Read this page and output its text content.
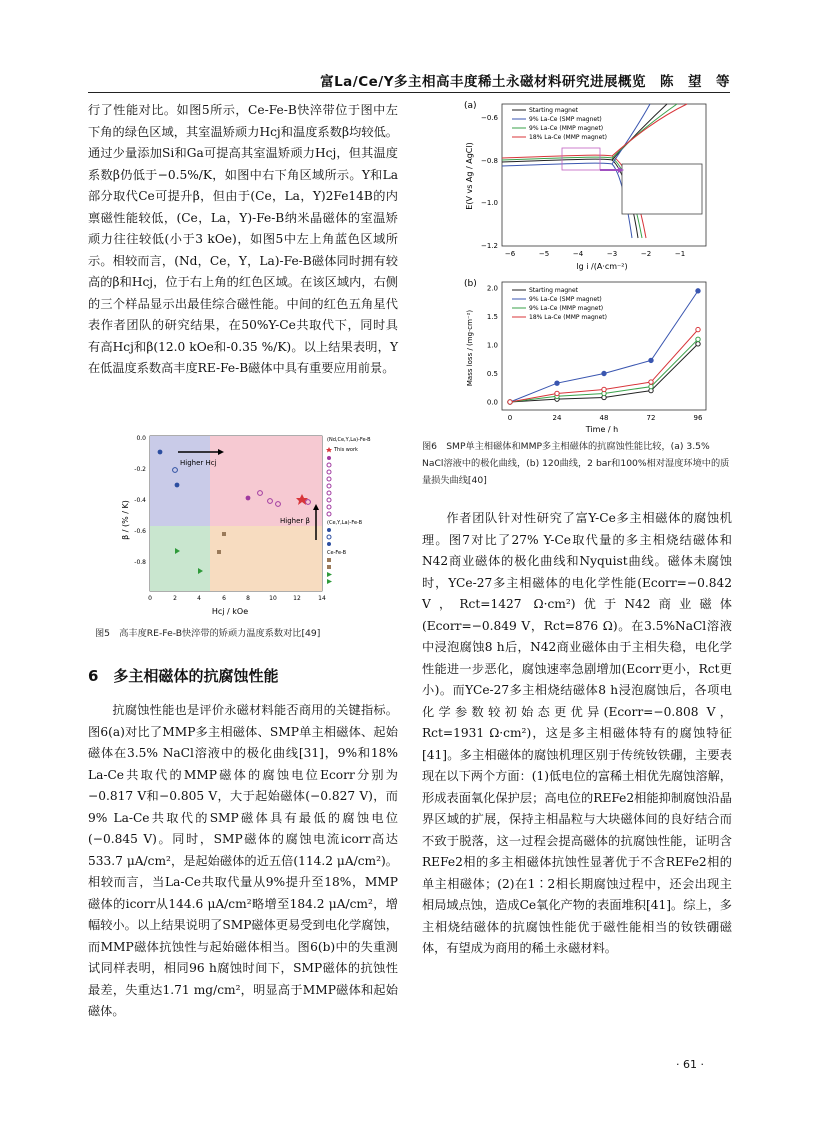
富La/Ce/Y多主相高丰度稀土永磁材料研究进展概览　陈　望　等

行了性能对比。如图5所示，Ce-Fe-B快淬带位于图中左下角的绿色区域，其室温矫顽力Hcj和温度系数β均较低。通过少量添加Si和Ga可提高其室温矫顽力Hcj，但其温度系数β仍低于−0.5%/K，如图中右下角区域所示。Y和La部分取代Ce可提升β，但由于(Ce，La，Y)2Fe14B的内禀磁性能较低，(Ce，La，Y)-Fe-B纳米晶磁体的室温矫顽力往往较低(小于3 kOe)，如图5中左上角蓝色区域所示。相较而言，(Nd，Ce，Y，La)-Fe-B磁体同时拥有较高的β和Hcj，位于右上角的红色区域。在该区域内，右侧的三个样品显示出最佳综合磁性能。中间的红色五角星代表作者团队的研究结果，在50%Y-Ce共取代下，同时具有高Hcj和β(12.0 kOe和-0.35 %/K)。以上结果表明，Y在低温度系数高丰度RE-Fe-B磁体中具有重要应用前景。

Higher Hcj
Higher β
0.0
-0.2
-0.4
-0.6
-0.8
0	2	4	6	8	10	12	14
Hcj / kOe
β / (% / K)
(Nd,Ce,Y,La)-Fe-B
This work
(Ce,Y,La)-Fe-B
Ce-Fe-B
图5　高丰度RE-Fe-B快淬带的矫顽力温度系数对比[49]
6　多主相磁体的抗腐蚀性能

抗腐蚀性能也是评价永磁材料能否商用的关键指标。图6(a)对比了MMP多主相磁体、SMP单主相磁体、起始磁体在3.5% NaCl溶液中的极化曲线[31]，9%和18% La-Ce共取代的MMP磁体的腐蚀电位Ecorr分别为−0.817 V和−0.805 V，大于起始磁体(−0.827 V)，而9% La-Ce共取代的SMP磁体具有最低的腐蚀电位(−0.845 V)。同时，SMP磁体的腐蚀电流icorr高达533.7 μA/cm²，是起始磁体的近五倍(114.2 μA/cm²)。相较而言，当La-Ce共取代量从9%提升至18%，MMP磁体的icorr从144.6 μA/cm²略增至184.2 μA/cm²，增幅较小。以上结果说明了SMP磁体更易受到电化学腐蚀，而MMP磁体抗蚀性与起始磁体相当。图6(b)中的失重测试同样表明，相同96 h腐蚀时间下，SMP磁体的抗蚀性最差，失重达1.71 mg/cm²，明显高于MMP磁体和起始磁体。

(a)
−0.6
−0.8
−1.0
−1.2
−6	−5	−4	−3	−2	−1
lg i /(A·cm⁻²)
E(V vs Ag / AgCl)
Starting magnet
9% La-Ce (SMP magnet)
9% La-Ce (MMP magnet)
18% La-Ce (MMP magnet)
(b)
0	24	48	72	96
0.0
0.5
1.0
1.5
2.0
Time / h
Mass loss / (mg·cm⁻²)
Starting magnet
9% La-Ce (SMP magnet)
9% La-Ce (MMP magnet)
18% La-Ce (MMP magnet)
图6　SMP单主相磁体和MMP多主相磁体的抗腐蚀性能比较，(a) 3.5% NaCl溶液中的极化曲线，(b) 120曲线，2 bar和100%相对湿度环境中的质量损失曲线[40]

作者团队针对性研究了富Y-Ce多主相磁体的腐蚀机理。图7对比了27% Y-Ce取代量的多主相烧结磁体和N42商业磁体的极化曲线和Nyquist曲线。磁体未腐蚀时，YCe-27多主相磁体的电化学性能(Ecorr=−0.842 V，Rct=1427 Ω·cm²)优于N42商业磁体(Ecorr=−0.849 V，Rct=876 Ω)。在3.5%NaCl溶液中浸泡腐蚀8 h后，N42商业磁体由于主相失稳，电化学性能进一步恶化，腐蚀速率急剧增加(Ecorr更小，Rct更小)。而YCe-27多主相烧结磁体8 h浸泡腐蚀后，各项电化学参数较初始态更优异(Ecorr=−0.808 V，Rct=1931 Ω·cm²)，这是多主相磁体特有的腐蚀特征[41]。多主相磁体的腐蚀机理区别于传统钕铁硼，主要表现在以下两个方面：(1)低电位的富稀土相优先腐蚀溶解，形成表面氧化保护层；高电位的REFe2相能抑制腐蚀沿晶界区域的扩展，保持主相晶粒与大块磁体间的良好结合而不致于脱落，这一过程会提高磁体的抗腐蚀性能，证明含REFe2相的多主相磁体抗蚀性显著优于不含REFe2相的单主相磁体；(2)在1∶2相长期腐蚀过程中，还会出现主相局域点蚀，造成Ce氧化产物的表面堆积[41]。综上，多主相烧结磁体的抗腐蚀性能优于磁性能相当的钕铁硼磁体，有望成为商用的稀土永磁材料。

· 61 ·
